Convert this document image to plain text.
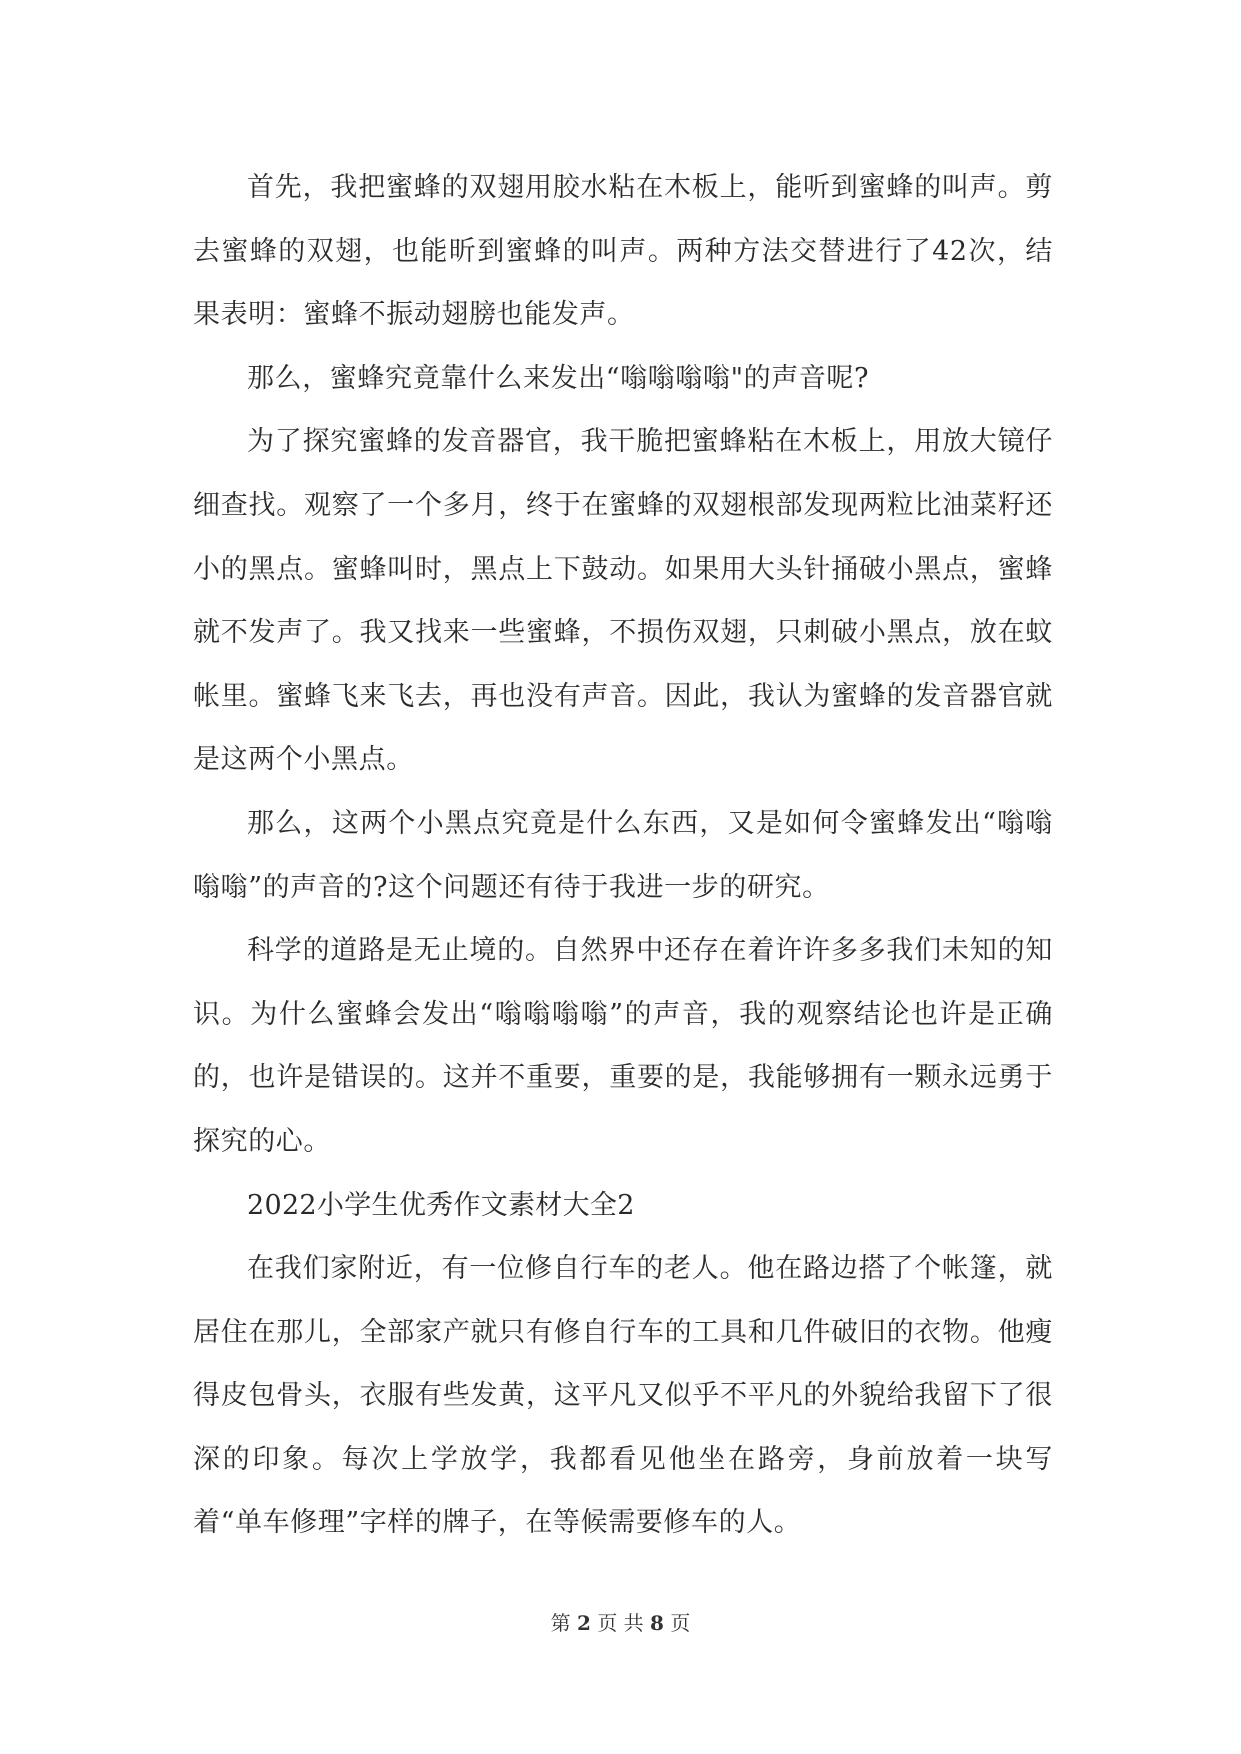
首先，我把蜜蜂的双翅用胶水粘在木板上，能听到蜜蜂的叫声。剪去蜜蜂的双翅，也能昕到蜜蜂的叫声。两种方法交替进行了42次，结果表明：蜜蜂不振动翅膀也能发声。

那么，蜜蜂究竟靠什么来发出“嗡嗡嗡嗡"的声音呢?

为了探究蜜蜂的发音器官，我干脆把蜜蜂粘在木板上，用放大镜仔细查找。观察了一个多月，终于在蜜蜂的双翅根部发现两粒比油菜籽还小的黑点。蜜蜂叫时，黑点上下鼓动。如果用大头针捅破小黑点，蜜蜂就不发声了。我又找来一些蜜蜂，不损伤双翅，只刺破小黑点，放在蚊帐里。蜜蜂飞来飞去，再也没有声音。因此，我认为蜜蜂的发音器官就是这两个小黑点。

那么，这两个小黑点究竟是什么东西，又是如何令蜜蜂发出“嗡嗡嗡嗡”的声音的?这个问题还有待于我进一步的研究。

科学的道路是无止境的。自然界中还存在着许许多多我们未知的知识。为什么蜜蜂会发出“嗡嗡嗡嗡”的声音，我的观察结论也许是正确的，也许是错误的。这并不重要，重要的是，我能够拥有一颗永远勇于探究的心。

2022小学生优秀作文素材大全2

在我们家附近，有一位修自行车的老人。他在路边搭了个帐篷，就居住在那儿，全部家产就只有修自行车的工具和几件破旧的衣物。他瘦得皮包骨头，衣服有些发黄，这平凡又似乎不平凡的外貌给我留下了很深的印象。每次上学放学，我都看见他坐在路旁，身前放着一块写着“单车修理”字样的牌子，在等候需要修车的人。

第 2 页 共 8 页
